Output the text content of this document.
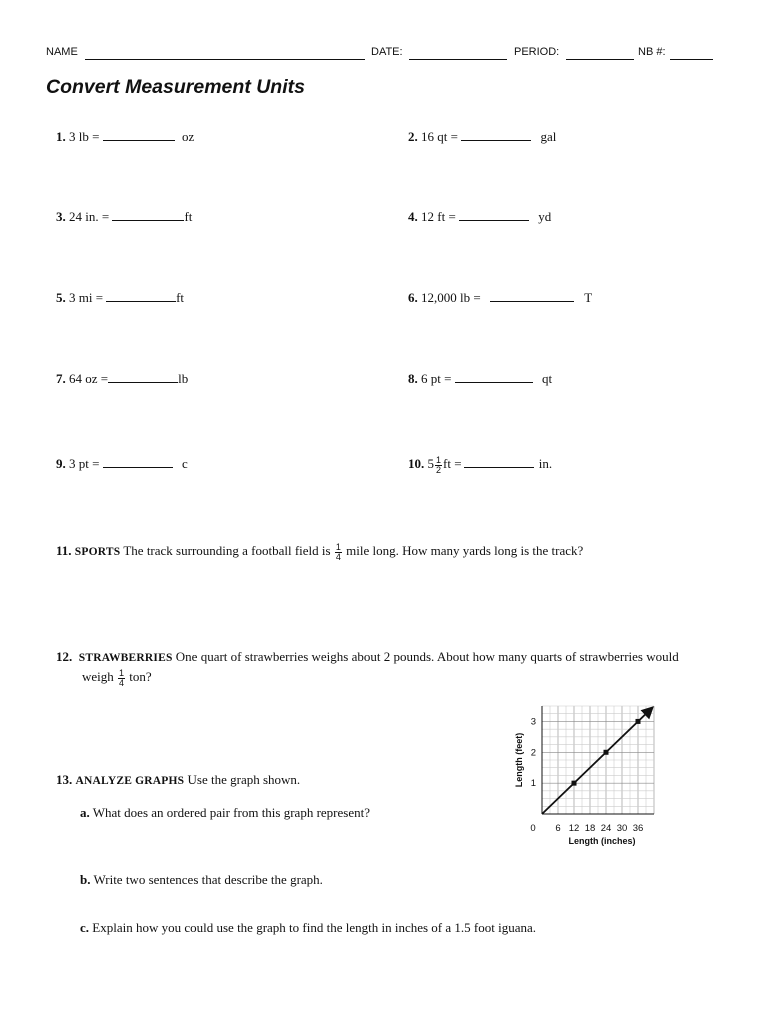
NAME	DATE:	PERIOD:	NB #:
Convert Measurement Units
1. 3 lb =	oz	2. 16 qt =	gal
3. 24 in. =	ft	4. 12 ft =	yd
5. 3 mi =	ft	6. 12,000 lb =	T
7. 64 oz =	lb	8. 6 pt =	qt
9. 3 pt =	c	10. $5 \frac{1}{2}$ ft =	in.
11. SPORTS The track surrounding a football field is $\frac{1}{4}$ mile long. How many yards long is the track?
12. STRAWBERRIES One quart of strawberries weighs about 2 pounds. About how many quarts of strawberries would
weigh $\frac{1}{4}$ ton?
13. ANALYZE GRAPHS Use the graph shown.
a. What does an ordered pair from this graph represent?
b. Write two sentences that describe the graph.
c. Explain how you could use the graph to find the length in inches of a 1.5 foot iguana.
6 12 18 24 30 36
1
2
3
0
Length (feet)
Length (inches)
